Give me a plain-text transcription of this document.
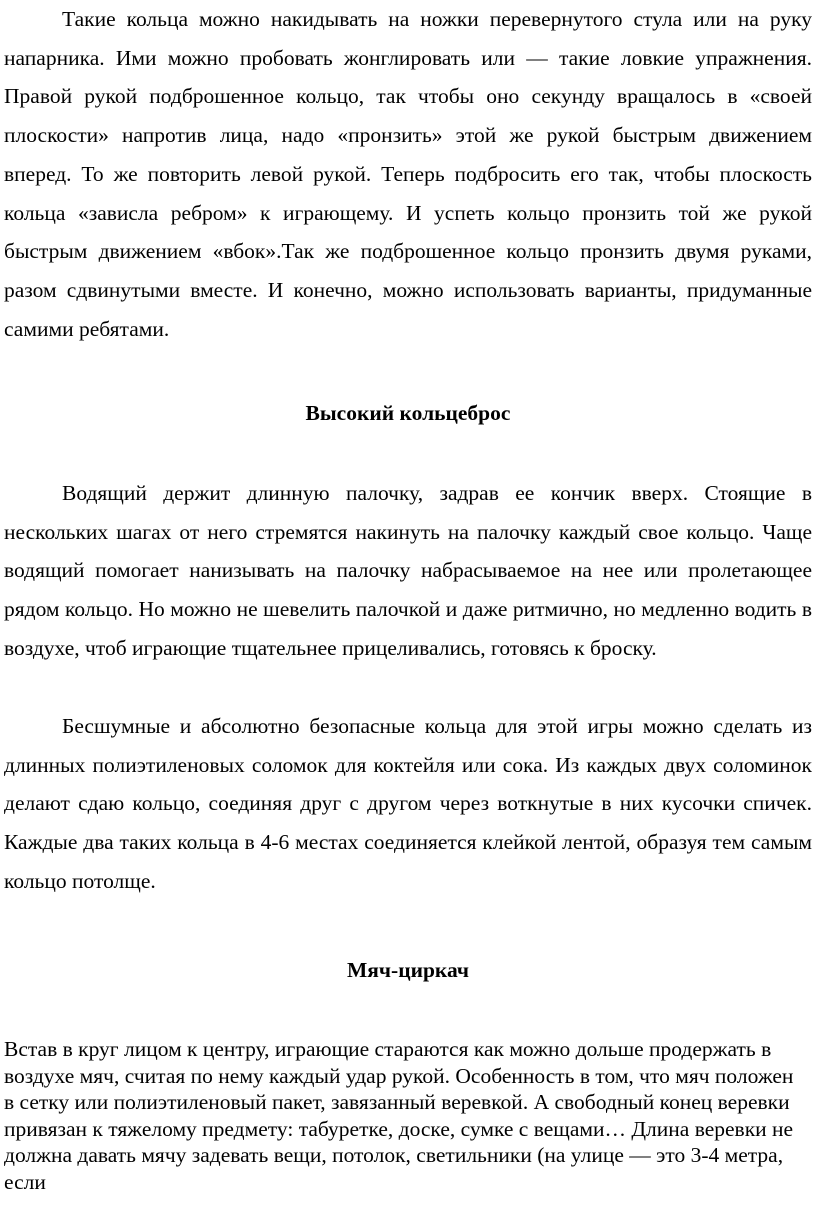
Такие кольца можно накидывать на ножки перевернутого стула или на руку напарника. Ими можно пробовать жонглировать или — такие ловкие упражнения. Правой рукой подброшенное кольцо, так чтобы оно секунду вращалось в «своей плоскости» напротив лица, надо «пронзить» этой же рукой быстрым движением вперед. То же повторить левой рукой. Теперь подбросить его так, чтобы плоскость кольца «зависла ребром» к играющему. И успеть кольцо пронзить той же рукой быстрым движением «вбок».Так же подброшенное кольцо пронзить двумя руками, разом сдвинутыми вместе. И конечно, можно использовать варианты, придуманные самими ребятами.

Высокий кольцеброс

Водящий держит длинную палочку, задрав ее кончик вверх. Стоящие в нескольких шагах от него стремятся накинуть на палочку каждый свое кольцо. Чаще водящий помогает нанизывать на палочку набрасываемое на нее или пролетающее рядом кольцо. Но можно не шевелить палочкой и даже ритмично, но медленно водить в воздухе, чтоб играющие тщательнее прицеливались, готовясь к броску.

Бесшумные и абсолютно безопасные кольца для этой игры можно сделать из длинных полиэтиленовых соломок для коктейля или сока. Из каждых двух соломинок делают сдаю кольцо, соединяя друг с другом через воткнутые в них кусочки спичек. Каждые два таких кольца в 4-6 местах соединяется клейкой лентой, образуя тем самым кольцо потолще.

Мяч-циркач

Встав в круг лицом к центру, играющие стараются как можно дольше продержать в воздухе мяч, считая по нему каждый удар рукой. Особенность в том, что мяч положен в сетку или полиэтиленовый пакет, завязанный веревкой. А свободный конец веревки привязан к тяжелому предмету: табуретке, доске, сумке с вещами… Длина веревки не должна давать мячу задевать вещи, потолок, светильники (на улице — это 3-4 метра, если
